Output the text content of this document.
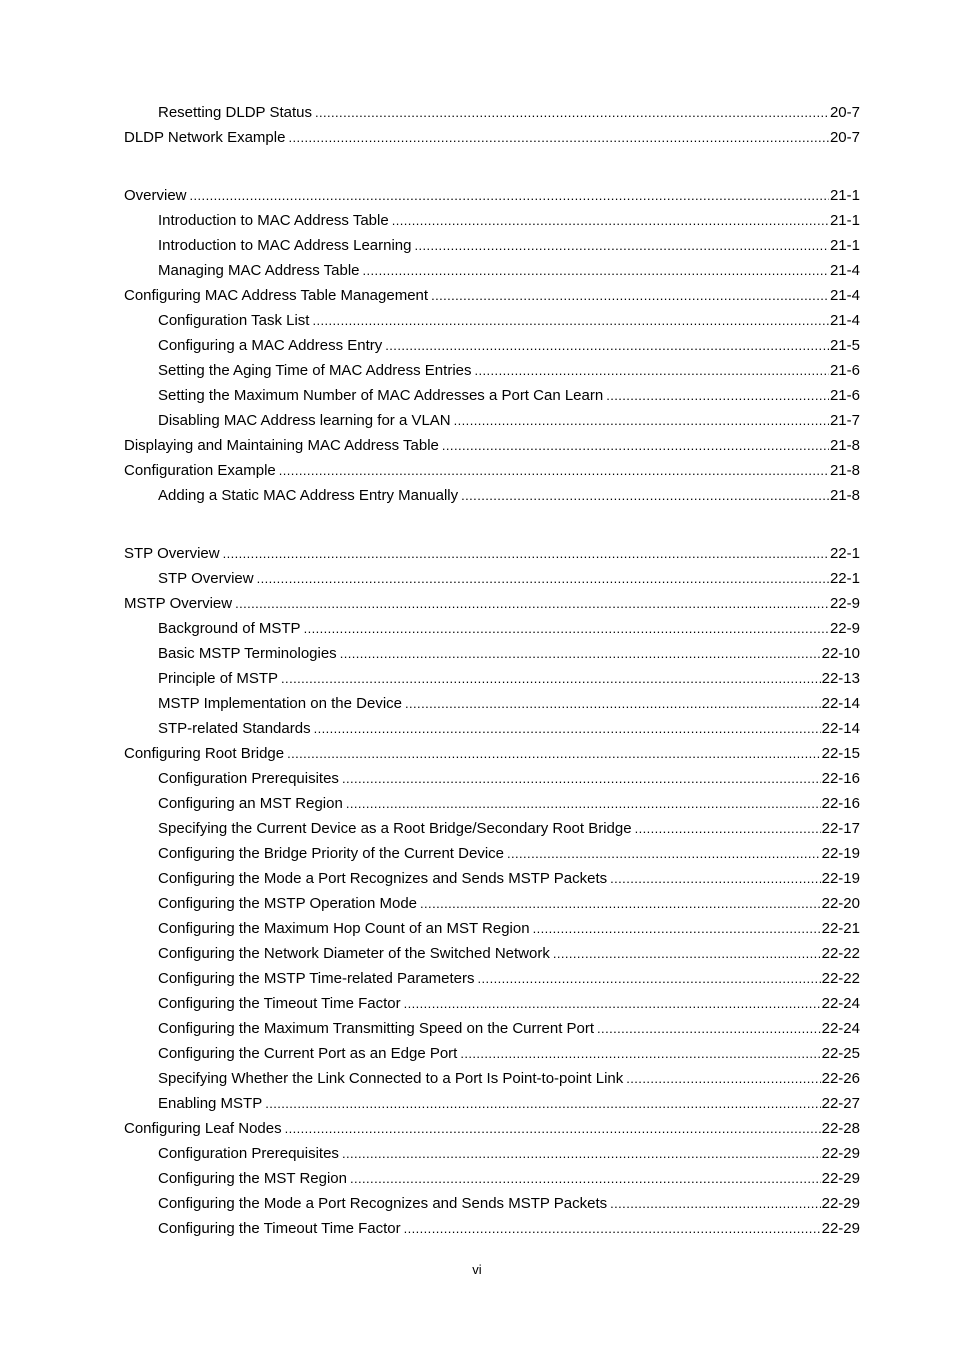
Resetting DLDP Status .....	20-7
DLDP Network Example .....	20-7
Overview .....	21-1
Introduction to MAC Address Table .....	21-1
Introduction to MAC Address Learning .....	21-1
Managing MAC Address Table .....	21-4
Configuring MAC Address Table Management .....	21-4
Configuration Task List .....	21-4
Configuring a MAC Address Entry .....	21-5
Setting the Aging Time of MAC Address Entries .....	21-6
Setting the Maximum Number of MAC Addresses a Port Can Learn .....	21-6
Disabling MAC Address learning for a VLAN .....	21-7
Displaying and Maintaining MAC Address Table .....	21-8
Configuration Example .....	21-8
Adding a Static MAC Address Entry Manually .....	21-8
STP Overview .....	22-1
STP Overview .....	22-1
MSTP Overview .....	22-9
Background of MSTP .....	22-9
Basic MSTP Terminologies .....	22-10
Principle of MSTP .....	22-13
MSTP Implementation on the Device .....	22-14
STP-related Standards .....	22-14
Configuring Root Bridge .....	22-15
Configuration Prerequisites .....	22-16
Configuring an MST Region .....	22-16
Specifying the Current Device as a Root Bridge/Secondary Root Bridge .....	22-17
Configuring the Bridge Priority of the Current Device .....	22-19
Configuring the Mode a Port Recognizes and Sends MSTP Packets .....	22-19
Configuring the MSTP Operation Mode .....	22-20
Configuring the Maximum Hop Count of an MST Region .....	22-21
Configuring the Network Diameter of the Switched Network .....	22-22
Configuring the MSTP Time-related Parameters .....	22-22
Configuring the Timeout Time Factor .....	22-24
Configuring the Maximum Transmitting Speed on the Current Port .....	22-24
Configuring the Current Port as an Edge Port .....	22-25
Specifying Whether the Link Connected to a Port Is Point-to-point Link .....	22-26
Enabling MSTP .....	22-27
Configuring Leaf Nodes .....	22-28
Configuration Prerequisites .....	22-29
Configuring the MST Region .....	22-29
Configuring the Mode a Port Recognizes and Sends MSTP Packets .....	22-29
Configuring the Timeout Time Factor .....	22-29
vi
